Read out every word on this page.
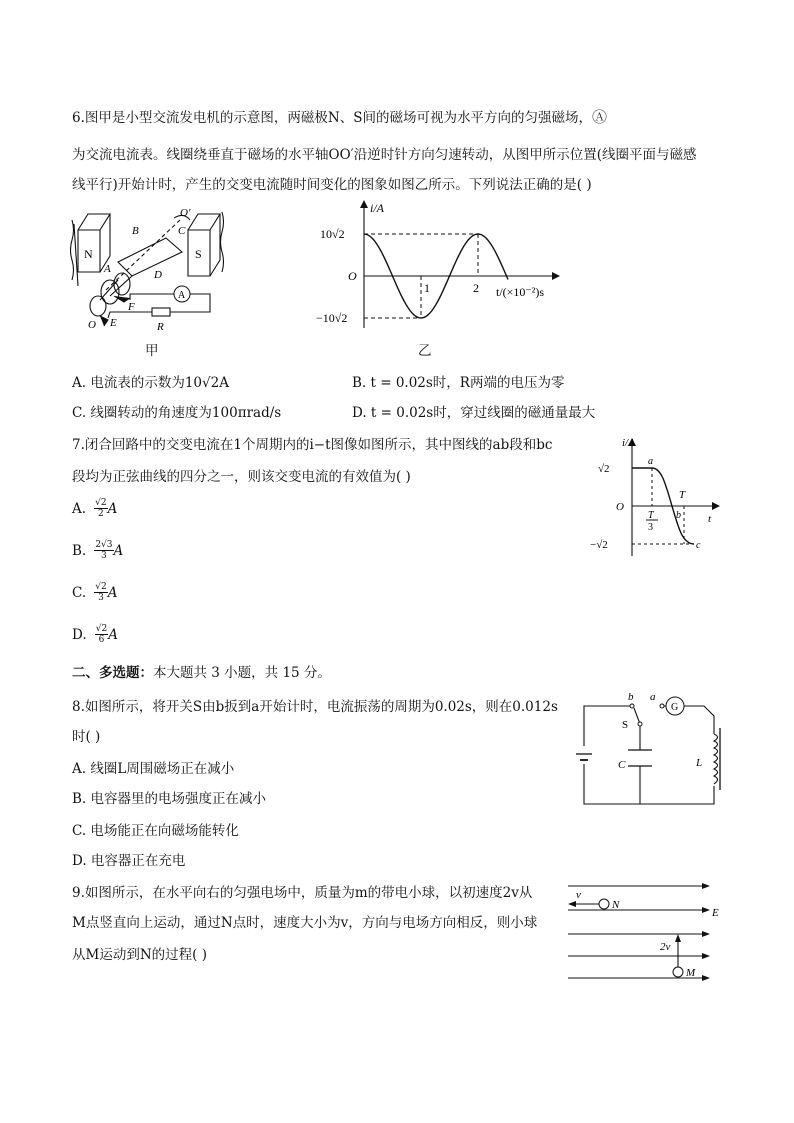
6.图甲是小型交流发电机的示意图，两磁极N、S间的磁场可视为水平方向的匀强磁场，Ⓐ
为交流电流表。线圈绕垂直于磁场的水平轴OO′沿逆时针方向匀速转动，从图甲所示位置(线圈平面与磁感
线平行)开始计时，产生的交变电流随时间变化的图象如图乙所示。下列说法正确的是( )
N	S
B	C
O′
A	D
F
E
O
A
R
甲
i/A
10√2
−10√2
O
1	2 t/(×10⁻²)s
乙
A. 电流表的示数为10√2A	B. t = 0.02s时，R两端的电压为零
C. 线圈转动的角速度为100πrad/s	D. t = 0.02s时，穿过线圈的磁通量最大
7.闭合回路中的交变电流在1个周期内的i−t图像如图所示，其中图线的ab段和bc
段均为正弦曲线的四分之一，则该交变电流的有效值为( )
A. $\frac{√2}{2}$ A
B. $\frac{2√3}{3}$ A
C. $\frac{√2}{3}$ A
D. $\frac{√2}{6}$ A
i/A
√2
−√2
O
a
b
c
T
t
T
3
二、多选题：本大题共 3 小题，共 15 分。
8.如图所示，将开关S由b扳到a开始计时，电流振荡的周期为0.02s，则在0.012s
时( )
A. 线圈L周围磁场正在减小
B. 电容器里的电场强度正在减小
C. 电场能正在向磁场能转化
D. 电容器正在充电
G
b a
S
C	L
9.如图所示，在水平向右的匀强电场中，质量为m的带电小球，以初速度2v从
M点竖直向上运动，通过N点时，速度大小为v，方向与电场方向相反，则小球
从M运动到N的过程( )
v
N
E
2v
M
